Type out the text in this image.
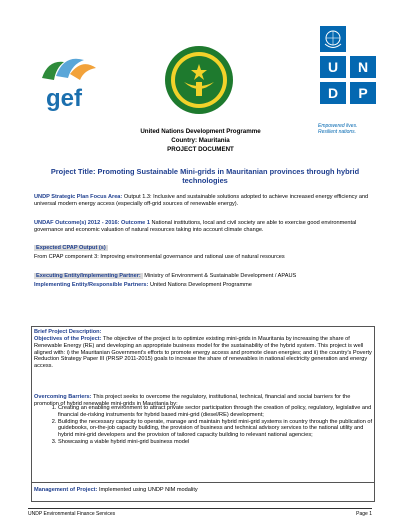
gef
U	N
D	P
Empowered lives.
Resilient nations.
United Nations Development Programme
Country: Mauritania
PROJECT DOCUMENT
Project Title: Promoting Sustainable Mini-grids in Mauritanian provinces through hybrid technologies
UNDP Strategic Plan Focus Area: Output 1.3: Inclusive and sustainable solutions adopted to achieve increased energy efficiency and universal modern energy access (especially off-grid sources of renewable energy).
UNDAF Outcome(s) 2012 - 2016: Outcome 1 National institutions, local and civil society are able to exercise good environmental governance and economic valuation of natural resources taking into account climate change.
Expected CPAP Output (s)
From CPAP component 3: Improving environmental governance and rational use of natural resources
Executing Entity/Implementing Partner: Ministry of Environment & Sustainable Development / APAUS
Implementing Entity/Responsible Partners: United Nations Development Programme
Brief Project Description:
Objectives of the Project: The objective of the project is to optimize existing mini-grids in Mauritania by increasing the share of Renewable Energy (RE) and developing an appropriate business model for the sustainability of the hybrid system. This project is well aligned with: i) the Mauritanian Government's efforts to promote energy access and promote clean energies; and ii) the country's Poverty Reduction Strategy Paper III (PRSP 2011-2015) goals to increase the share of renewables in national electricity generation and energy access.
Overcoming Barriers: This project seeks to overcome the regulatory, institutional, technical, financial and social barriers for the promotion of hybrid renewable mini-grids in Mauritania by:
1. Creating an enabling environment to attract private sector participation through the creation of policy, regulatory, legislative and financial de-risking instruments for hybrid based mini-grid (diesel/RE) development;
2. Building the necessary capacity to operate, manage and maintain hybrid mini-grid systems in country through the publication of guidebooks, on-the-job capacity building, the provision of business and technical advisory services to the national utility and hybrid mini-grid developers and the provision of tailored capacity building to relevant national agencies;
3. Showcasing a viable hybrid mini-grid business model
Management of Project: Implemented using UNDP NIM modality
UNDP Environmental Finance Services	Page 1
